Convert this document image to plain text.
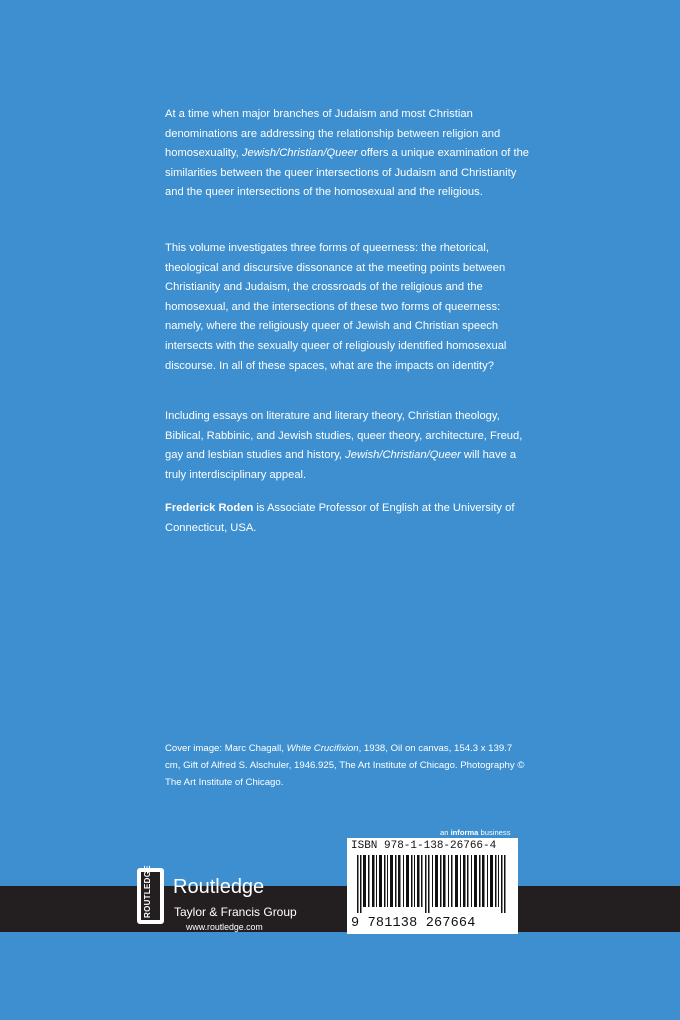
At a time when major branches of Judaism and most Christian denominations are addressing the relationship between religion and homosexuality, Jewish/Christian/Queer offers a unique examination of the similarities between the queer intersections of Judaism and Christianity and the queer intersections of the homosexual and the religious.

This volume investigates three forms of queerness: the rhetorical, theological and discursive dissonance at the meeting points between Christianity and Judaism, the crossroads of the religious and the homosexual, and the intersections of these two forms of queerness: namely, where the religiously queer of Jewish and Christian speech intersects with the sexually queer of religiously identified homosexual discourse. In all of these spaces, what are the impacts on identity?

Including essays on literature and literary theory, Christian theology, Biblical, Rabbinic, and Jewish studies, queer theory, architecture, Freud, gay and lesbian studies and history, Jewish/Christian/Queer will have a truly interdisciplinary appeal.

Frederick Roden is Associate Professor of English at the University of Connecticut, USA.

Cover image: Marc Chagall, White Crucifixion, 1938, Oil on canvas, 154.3 x 139.7 cm, Gift of Alfred S. Alschuler, 1946.925, The Art Institute of Chicago. Photography © The Art Institute of Chicago.
an informa business
ROUTLEDGE	Routledge
Taylor & Francis Group
www.routledge.com
ISBN 978-1-138-26766-4
9 781138 267664
